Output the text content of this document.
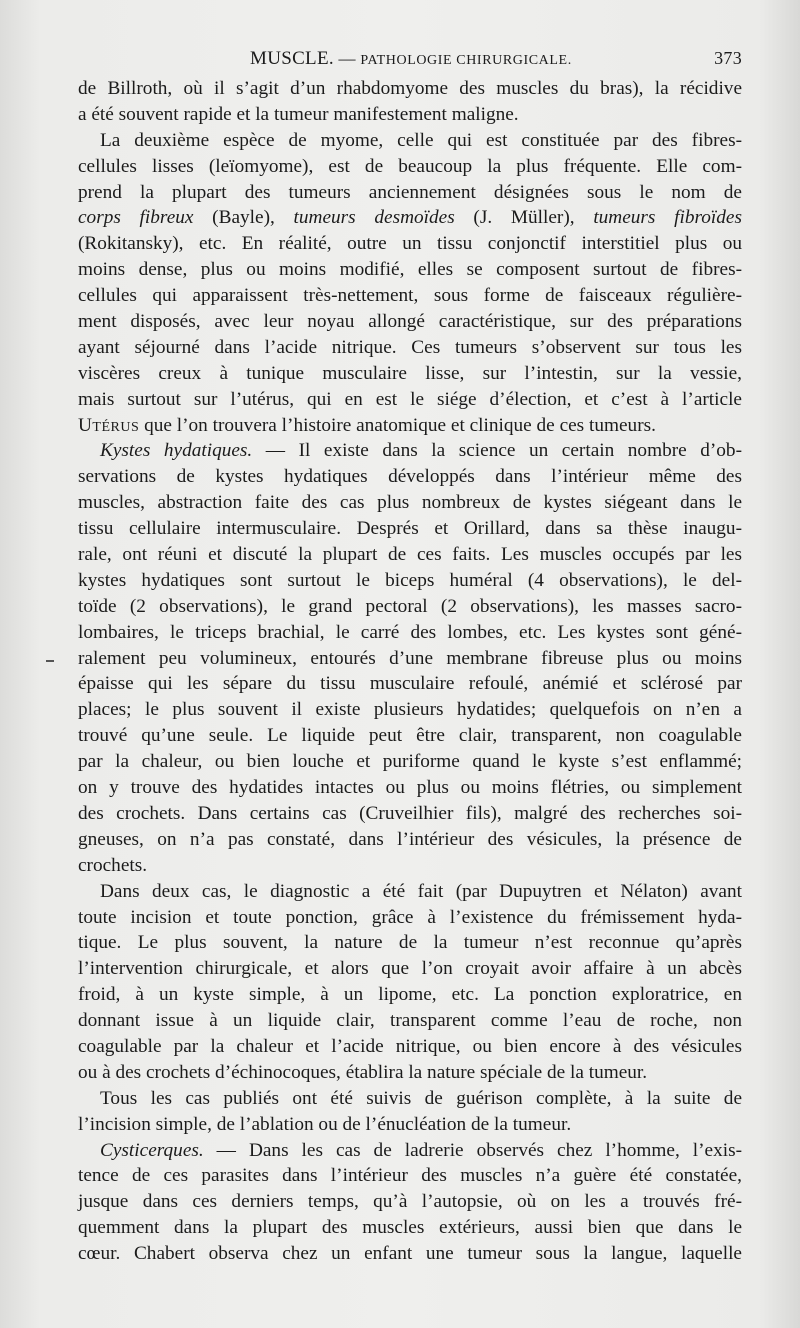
MUSCLE. — PATHOLOGIE CHIRURGICALE.	373
de Billroth, où il s’agit d’un rhabdomyome des muscles du bras), la récidive
a été souvent rapide et la tumeur manifestement maligne.
La deuxième espèce de myome, celle qui est constituée par des fibres-
cellules lisses (leïomyome), est de beaucoup la plus fréquente. Elle com-
prend la plupart des tumeurs anciennement désignées sous le nom de
corps fibreux (Bayle), tumeurs desmoïdes (J. Müller), tumeurs fibroïdes
(Rokitansky), etc. En réalité, outre un tissu conjonctif interstitiel plus ou
moins dense, plus ou moins modifié, elles se composent surtout de fibres-
cellules qui apparaissent très-nettement, sous forme de faisceaux régulière-
ment disposés, avec leur noyau allongé caractéristique, sur des préparations
ayant séjourné dans l’acide nitrique. Ces tumeurs s’observent sur tous les
viscères creux à tunique musculaire lisse, sur l’intestin, sur la vessie,
mais surtout sur l’utérus, qui en est le siége d’élection, et c’est à l’article
Utérus que l’on trouvera l’histoire anatomique et clinique de ces tumeurs.
Kystes hydatiques. — Il existe dans la science un certain nombre d’ob-
servations de kystes hydatiques développés dans l’intérieur même des
muscles, abstraction faite des cas plus nombreux de kystes siégeant dans le
tissu cellulaire intermusculaire. Després et Orillard, dans sa thèse inaugu-
rale, ont réuni et discuté la plupart de ces faits. Les muscles occupés par les
kystes hydatiques sont surtout le biceps huméral (4 observations), le del-
toïde (2 observations), le grand pectoral (2 observations), les masses sacro-
lombaires, le triceps brachial, le carré des lombes, etc. Les kystes sont géné-
ralement peu volumineux, entourés d’une membrane fibreuse plus ou moins
épaisse qui les sépare du tissu musculaire refoulé, anémié et sclérosé par
places; le plus souvent il existe plusieurs hydatides; quelquefois on n’en a
trouvé qu’une seule. Le liquide peut être clair, transparent, non coagulable
par la chaleur, ou bien louche et puriforme quand le kyste s’est enflammé;
on y trouve des hydatides intactes ou plus ou moins flétries, ou simplement
des crochets. Dans certains cas (Cruveilhier fils), malgré des recherches soi-
gneuses, on n’a pas constaté, dans l’intérieur des vésicules, la présence de
crochets.
Dans deux cas, le diagnostic a été fait (par Dupuytren et Nélaton) avant
toute incision et toute ponction, grâce à l’existence du frémissement hyda-
tique. Le plus souvent, la nature de la tumeur n’est reconnue qu’après
l’intervention chirurgicale, et alors que l’on croyait avoir affaire à un abcès
froid, à un kyste simple, à un lipome, etc. La ponction exploratrice, en
donnant issue à un liquide clair, transparent comme l’eau de roche, non
coagulable par la chaleur et l’acide nitrique, ou bien encore à des vésicules
ou à des crochets d’échinocoques, établira la nature spéciale de la tumeur.
Tous les cas publiés ont été suivis de guérison complète, à la suite de
l’incision simple, de l’ablation ou de l’énucléation de la tumeur.
Cysticerques. — Dans les cas de ladrerie observés chez l’homme, l’exis-
tence de ces parasites dans l’intérieur des muscles n’a guère été constatée,
jusque dans ces derniers temps, qu’à l’autopsie, où on les a trouvés fré-
quemment dans la plupart des muscles extérieurs, aussi bien que dans le
cœur. Chabert observa chez un enfant une tumeur sous la langue, laquelle
